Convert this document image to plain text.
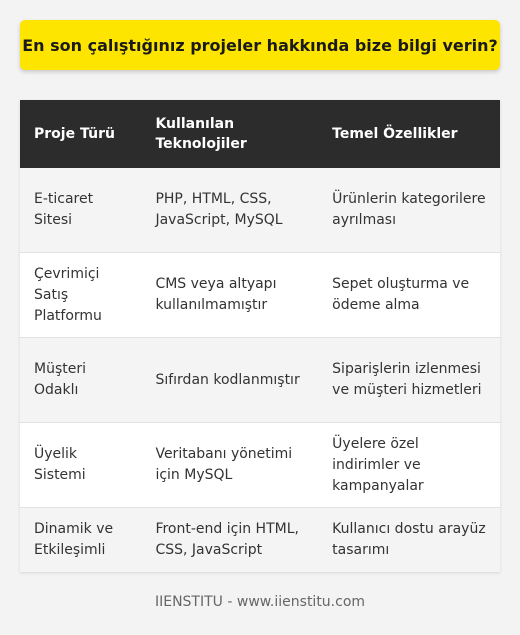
En son çalıştığınız projeler hakkında bize bilgi verin?
Proje Türü	Kullanılan Teknolojiler	Temel Özellikler
E-ticaret Sitesi	PHP, HTML, CSS, JavaScript, MySQL	Ürünlerin kategorilere ayrılması
Çevrimiçi Satış Platformu	CMS veya altyapı kullanılmamıştır	Sepet oluşturma ve ödeme alma
Müşteri Odaklı	Sıfırdan kodlanmıştır	Siparişlerin izlenmesi ve müşteri hizmetleri
Üyelik Sistemi	Veritabanı yönetimi için MySQL	Üyelere özel indirimler ve kampanyalar
Dinamik ve Etkileşimli	Front-end için HTML, CSS, JavaScript	Kullanıcı dostu arayüz tasarımı
IIENSTITU - www.iienstitu.com
